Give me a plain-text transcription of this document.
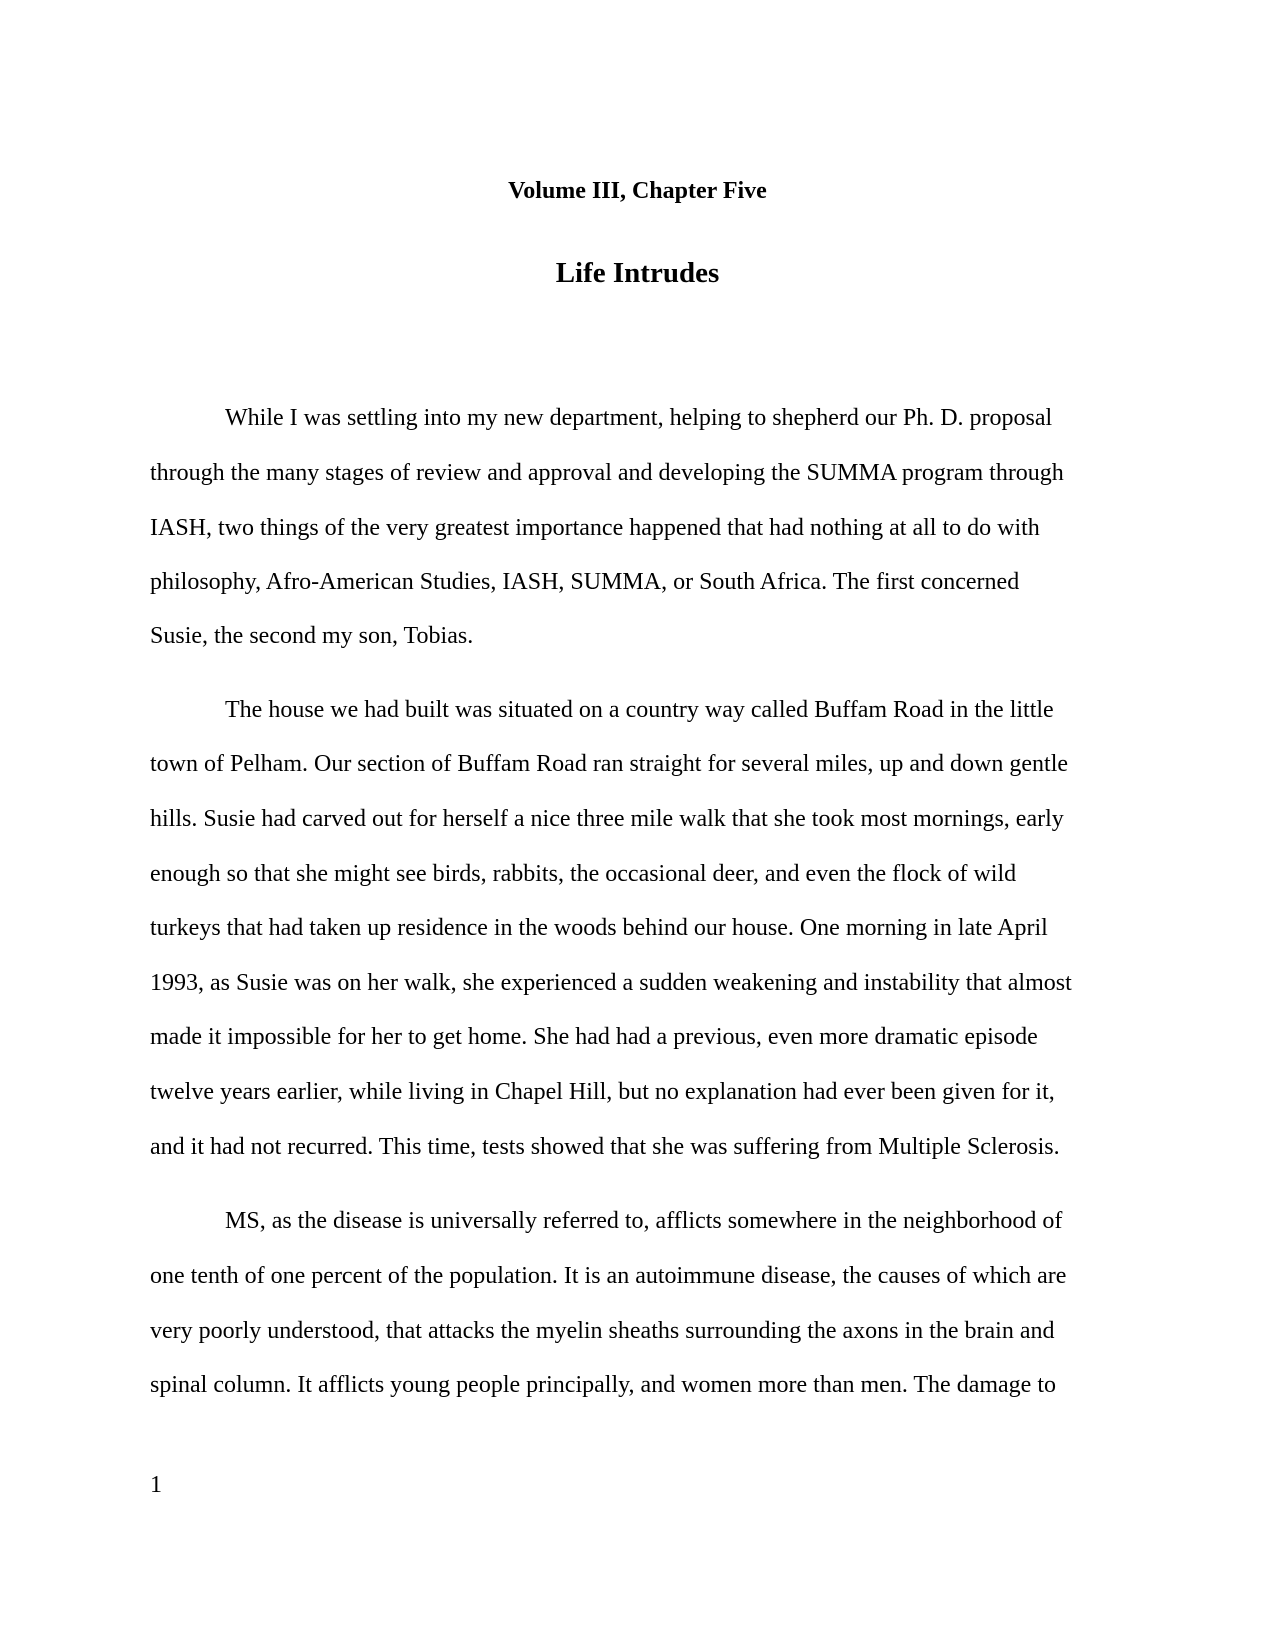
Volume III, Chapter Five
Life Intrudes

While I was settling into my new department, helping to shepherd our Ph. D. proposal

through the many stages of review and approval and developing the SUMMA program through

IASH, two things of the very greatest importance happened that had nothing at all to do with

philosophy, Afro-American Studies, IASH, SUMMA, or South Africa. The first concerned

Susie, the second my son, Tobias.

The house we had built was situated on a country way called Buffam Road in the little

town of Pelham. Our section of Buffam Road ran straight for several miles, up and down gentle

hills. Susie had carved out for herself a nice three mile walk that she took most mornings, early

enough so that she might see birds, rabbits, the occasional deer, and even the flock of wild

turkeys that had taken up residence in the woods behind our house. One morning in late April

1993, as Susie was on her walk, she experienced a sudden weakening and instability that almost

made it impossible for her to get home. She had had a previous, even more dramatic episode

twelve years earlier, while living in Chapel Hill, but no explanation had ever been given for it,

and it had not recurred. This time, tests showed that she was suffering from Multiple Sclerosis.

MS, as the disease is universally referred to, afflicts somewhere in the neighborhood of

one tenth of one percent of the population. It is an autoimmune disease, the causes of which are

very poorly understood, that attacks the myelin sheaths surrounding the axons in the brain and

spinal column. It afflicts young people principally, and women more than men. The damage to

1
